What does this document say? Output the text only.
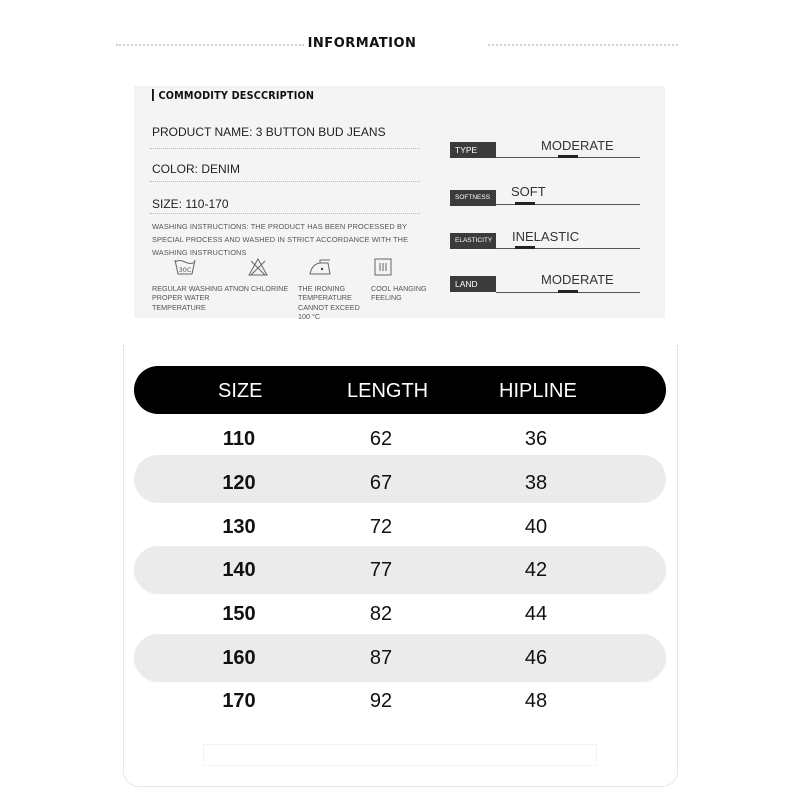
INFORMATION
COMMODITY DESCCRIPTION
PRODUCT NAME: 3 BUTTON BUD JEANS
COLOR: DENIM
SIZE: 110-170
WASHING INSTRUCTIONS: THE PRODUCT HAS BEEN PROCESSED BY SPECIAL PROCESS AND WASHED IN STRICT ACCORDANCE WITH THE WASHING INSTRUCTIONS
30C
REGULAR WASHING AT PROPER WATER TEMPERATURE
NON CHLORINE	THE IRONING TEMPERATURE CANNOT EXCEED 100 °C
COOL HANGING FEELING
TYPE	MODERATE
SOFTNESS	SOFT
ELASTICITY INELASTIC
LAND	MODERATE
SIZE	LENGTH	HIPLINE
110	62	36
120	67	38
130	72	40
140	77	42
150	82	44
160	87	46
170	92	48
